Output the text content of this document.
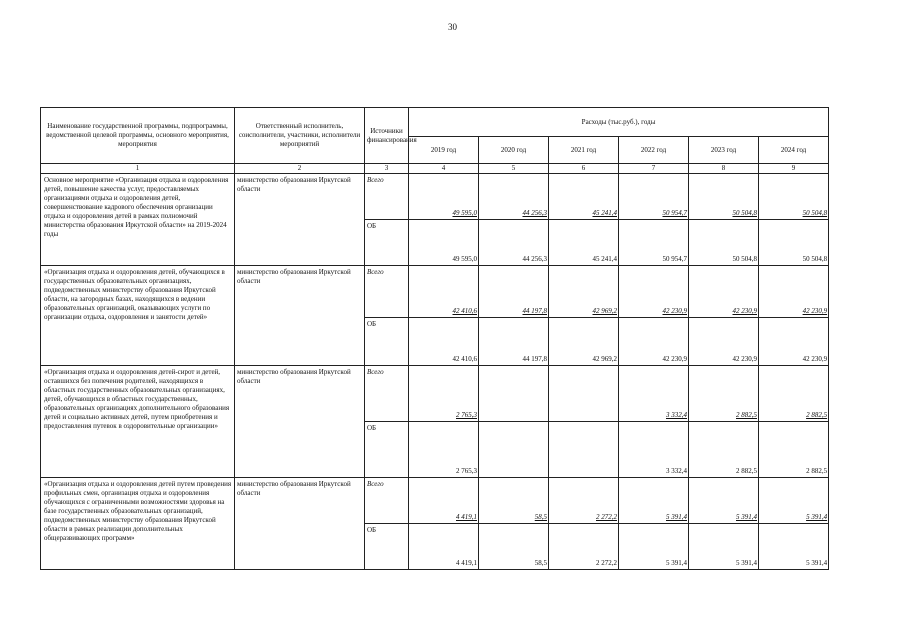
30
Наименование государственной программы, подпрограммы, ведомственной целевой программы, основного мероприятия, мероприятия	Ответственный исполнитель, соисполнители, участники, исполнители мероприятий	Источники финансирования	Расходы (тыс.руб.), годы					
			2019 год	2020 год	2021 год	2022 год	2023 год	2024 год
1	2	3	4	5	6	7	8	9
Основное мероприятие «Организация отдыха и оздоровления детей, повышение качества услуг, предоставляемых организациями отдыха и оздоровления детей, совершенствование кадрового обеспечения организации отдыха и оздоровления детей в рамках полномочий министерства образования Иркутской области» на 2019-2024 годы	министерство образования Иркутской области	Всего	49 595,0	44 256,3	45 241,4	50 954,7	50 504,8	50 504,8
		ОБ	49 595,0	44 256,3	45 241,4	50 954,7	50 504,8	50 504,8
«Организация отдыха и оздоровления детей, обучающихся в государственных образовательных организациях, подведомственных министерству образования Иркутской области, на загородных базах, находящихся в ведении образовательных организаций, оказывающих услуги по организации отдыха, оздоровления и занятости детей»	министерство образования Иркутской области	Всего	42 410,6	44 197,8	42 969,2	42 230,9	42 230,9	42 230,9
		ОБ	42 410,6	44 197,8	42 969,2	42 230,9	42 230,9	42 230,9
«Организация отдыха и оздоровления детей-сирот и детей, оставшихся без попечения родителей, находящихся в областных государственных образовательных организациях, детей, обучающихся в областных государственных, образовательных организациях дополнительного образования детей и социально активных детей, путем приобретения и предоставления путевок в оздоровительные организации»	министерство образования Иркутской области	Всего	2 765,3			3 332,4	2 882,5	2 882,5
		ОБ	2 765,3			3 332,4	2 882,5	2 882,5
«Организация отдыха и оздоровления детей путем проведения профильных смен, организация отдыха и оздоровления обучающихся с ограниченными возможностями здоровья на базе государственных образовательных организаций, подведомственных министерству образования Иркутской области в рамках реализации дополнительных общеразвивающих программ»	министерство образования Иркутской области	Всего	4 419,1	58,5	2 272,2	5 391,4	5 391,4	5 391,4
		ОБ	4 419,1	58,5	2 272,2	5 391,4	5 391,4	5 391,4
